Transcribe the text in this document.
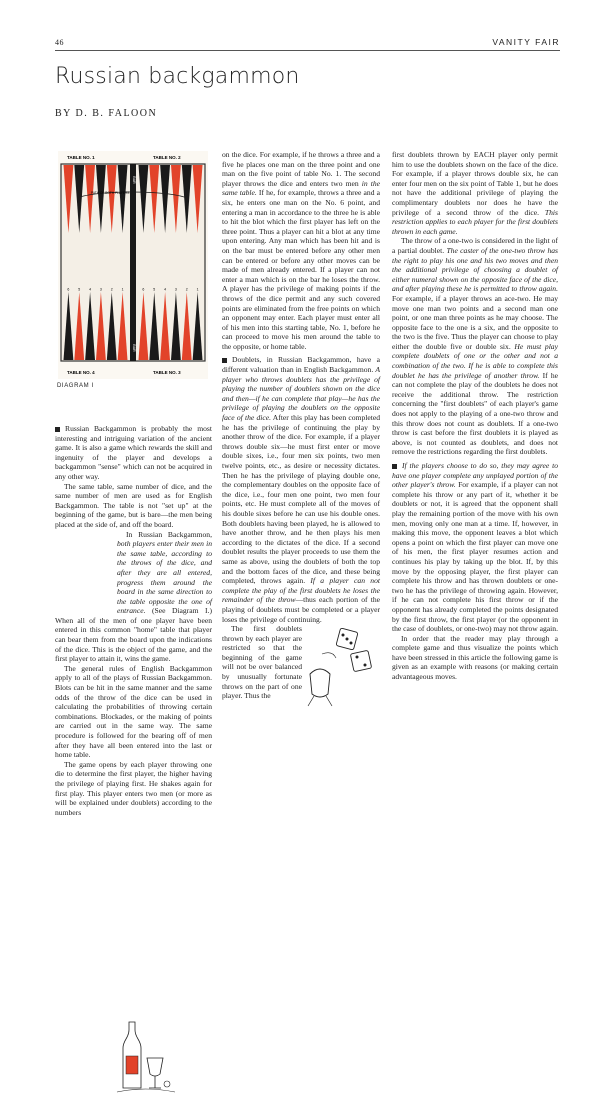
46	VANITY FAIR
Russian backgammon
BY D. B. FALOON
TABLE NO. 1	TABLE NO. 2
TABLE NO. 4	TABLE NO. 3
6	5	4	3	2	1	6	5	4	3	2	1
BAR
BAR
PATH OF BOTH PLAYERS
DIAGRAM I

Russian Backgammon is probably the most interesting and intriguing variation of the ancient game. It is also a game which rewards the skill and ingenuity of the player and develops a backgammon "sense" which can not be acquired in any other way.

The same table, same number of dice, and the same number of men are used as for English Backgammon. The table is not "set up" at the beginning of the game, but is bare—the men being placed at the side of, and off the board.

In Russian Backgammon, both players enter their men in the same table, according to the throws of the dice, and after they are all entered, progress them around the board in the same direction to the table opposite the one of entrance. (See Diagram I.) When all of the men of one player have been entered in this common "home" table that player can bear them from the board upon the indications of the dice. This is the object of the game, and the first player to attain it, wins the game.

The general rules of English Backgammon apply to all of the plays of Russian Backgammon. Blots can be hit in the same manner and the same odds of the throw of the dice can be used in calculating the probabilities of throwing certain combinations. Blockades, or the making of points are carried out in the same way. The same procedure is followed for the bearing off of men after they have all been entered into the last or home table.

The game opens by each player throwing one die to determine the first player, the higher having the privilege of playing first. He shakes again for first play. This player enters two men (or more as will be explained under doublets) according to the numbers

on the dice. For example, if he throws a three and a five he places one man on the three point and one man on the five point of table No. 1. The second player throws the dice and enters two men in the same table. If he, for example, throws a three and a six, he enters one man on the No. 6 point, and entering a man in accordance to the three he is able to hit the blot which the first player has left on the three point. Thus a player can hit a blot at any time upon entering. Any man which has been hit and is on the bar must be entered before any other men can be entered or before any other moves can be made of men already entered. If a player can not enter a man which is on the bar he loses the throw. A player has the privilege of making points if the throws of the dice permit and any such covered points are eliminated from the free points on which an opponent may enter. Each player must enter all of his men into this starting table, No. 1, before he can proceed to move his men around the table to the opposite, or home table.

Doublets, in Russian Backgammon, have a different valuation than in English Backgammon. A player who throws doublets has the privilege of playing the number of doublets shown on the dice and then—if he can complete that play—he has the privilege of playing the doublets on the opposite face of the dice. After this play has been completed he has the privilege of continuing the play by another throw of the dice. For example, if a player throws double six—he must first enter or move double sixes, i.e., four men six points, two men twelve points, etc., as desire or necessity dictates. Then he has the privilege of playing double one, the complementary doubles on the opposite face of the dice, i.e., four men one point, two men four points, etc. He must complete all of the moves of his double sixes before he can use his double ones. Both doublets having been played, he is allowed to have another throw, and he then plays his men according to the dictates of the dice. If a second doublet results the player proceeds to use them the same as above, using the doublets of both the top and the bottom faces of the dice, and these being completed, throws again. If a player can not complete the play of the first doublets he loses the remainder of the throw—thus each portion of the playing of doublets must be completed or a player loses the privilege of continuing.

The first doublets thrown by each player are restricted so that the beginning of the game will not be over balanced by unusually fortunate throws on the part of one player. Thus the

first doublets thrown by EACH player only permit him to use the doublets shown on the face of the dice. For example, if a player throws double six, he can enter four men on the six point of Table 1, but he does not have the additional privilege of playing the complimentary doublets nor does he have the privilege of a second throw of the dice. This restriction applies to each player for the first doublets thrown in each game.

The throw of a one-two is considered in the light of a partial doublet. The caster of the one-two throw has the right to play his one and his two moves and then the additional privilege of choosing a doublet of either numeral shown on the opposite face of the dice, and after playing these he is permitted to throw again. For example, if a player throws an ace-two. He may move one man two points and a second man one point, or one man three points as he may choose. The opposite face to the one is a six, and the opposite to the two is the five. Thus the player can choose to play either the double five or double six. He must play complete doublets of one or the other and not a combination of the two. If he is able to complete this doublet he has the privilege of another throw. If he can not complete the play of the doublets he does not receive the additional throw. The restriction concerning the "first doublets" of each player's game does not apply to the playing of a one-two throw and this throw does not count as doublets. If a one-two throw is cast before the first doublets it is played as above, is not counted as doublets, and does not remove the restrictions regarding the first doublets.

If the players choose to do so, they may agree to have one player complete any unplayed portion of the other player's throw. For example, if a player can not complete his throw or any part of it, whether it be doublets or not, it is agreed that the opponent shall play the remaining portion of the move with his own men, moving only one man at a time. If, however, in making this move, the opponent leaves a blot which opens a point on which the first player can move one of his men, the first player resumes action and continues his play by taking up the blot. If, by this move by the opposing player, the first player can complete his throw and has thrown doublets or one-two he has the privilege of throwing again. However, if he can not complete his first throw or if the opponent has already completed the points designated by the first throw, the first player (or the opponent in the case of doublets, or one-two) may not throw again.

In order that the reader may play through a complete game and thus visualize the points which have been stressed in this article the following game is given as an example with reasons (or making certain advantageous moves.
